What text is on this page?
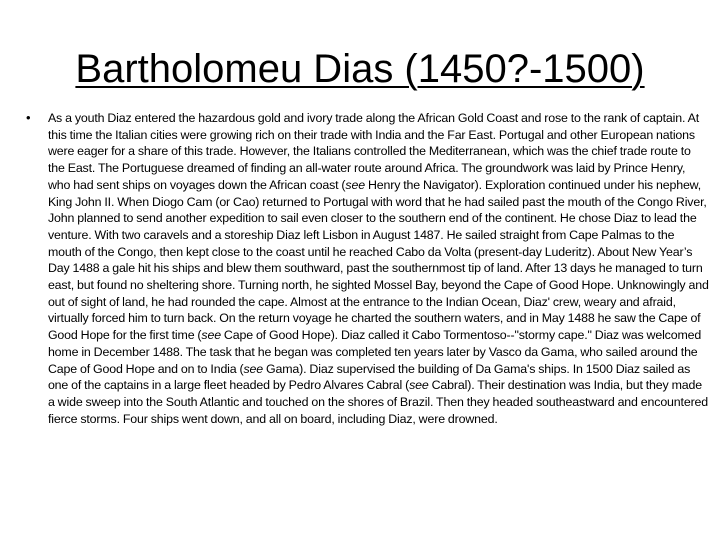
Bartholomeu Dias (1450?-1500)
•	As a youth Diaz entered the hazardous gold and ivory trade along the African Gold Coast and rose to the rank of captain. At this time the Italian cities were growing rich on their trade with India and the Far East. Portugal and other European nations were eager for a share of this trade. However, the Italians controlled the Mediterranean, which was the chief trade route to the East. The Portuguese dreamed of finding an all-water route around Africa. The groundwork was laid by Prince Henry, who had sent ships on voyages down the African coast (see Henry the Navigator). Exploration continued under his nephew, King John II. When Diogo Cam (or Cao) returned to Portugal with word that he had sailed past the mouth of the Congo River, John planned to send another expedition to sail even closer to the southern end of the continent. He chose Diaz to lead the venture. With two caravels and a storeship Diaz left Lisbon in August 1487. He sailed straight from Cape Palmas to the mouth of the Congo, then kept close to the coast until he reached Cabo da Volta (present-day Luderitz). About New Year’s Day 1488 a gale hit his ships and blew them southward, past the southernmost tip of land. After 13 days he managed to turn east, but found no sheltering shore. Turning north, he sighted Mossel Bay, beyond the Cape of Good Hope. Unknowingly and out of sight of land, he had rounded the cape. Almost at the entrance to the Indian Ocean, Diaz' crew, weary and afraid, virtually forced him to turn back. On the return voyage he charted the southern waters, and in May 1488 he saw the Cape of Good Hope for the first time (see Cape of Good Hope). Diaz called it Cabo Tormentoso--"stormy cape." Diaz was welcomed home in December 1488. The task that he began was completed ten years later by Vasco da Gama, who sailed around the Cape of Good Hope and on to India (see Gama). Diaz supervised the building of Da Gama's ships. In 1500 Diaz sailed as one of the captains in a large fleet headed by Pedro Alvares Cabral (see Cabral). Their destination was India, but they made a wide sweep into the South Atlantic and touched on the shores of Brazil. Then they headed southeastward and encountered fierce storms. Four ships went down, and all on board, including Diaz, were drowned.
